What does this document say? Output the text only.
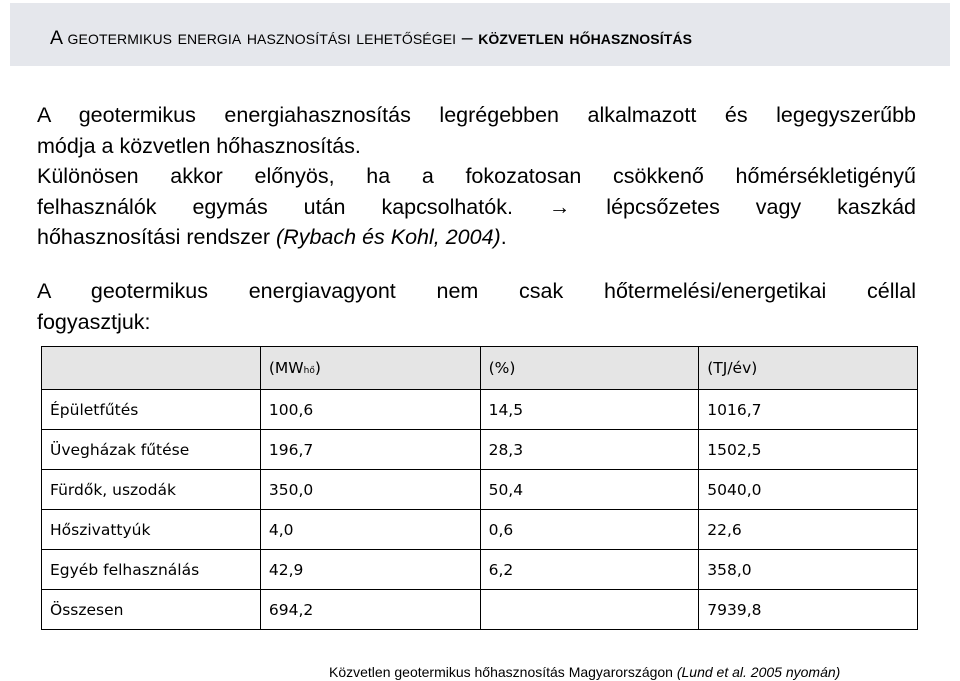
A geotermikus energia hasznosítási lehetőségei – közvetlen hőhasznosítás
A geotermikus energiahasznosítás legrégebben alkalmazott és legegyszerűbb
módja a közvetlen hőhasznosítás.
Különösen akkor előnyös, ha a fokozatosan csökkenő hőmérsékletigényű
felhasználók egymás után kapcsolhatók. → lépcsőzetes vagy kaszkád
hőhasznosítási rendszer (Rybach és Kohl, 2004).
A geotermikus energiavagyont nem csak hőtermelési/energetikai céllal
fogyasztjuk:
	(MWhő)	(%)	(TJ/év)
Épületfűtés	100,6	14,5	1016,7
Üvegházak fűtése	196,7	28,3	1502,5
Fürdők, uszodák	350,0	50,4	5040,0
Hőszivattyúk	4,0	0,6	22,6
Egyéb felhasználás	42,9	6,2	358,0
Összesen	694,2		7939,8
Közvetlen geotermikus hőhasznosítás Magyarországon (Lund et al. 2005 nyomán)
